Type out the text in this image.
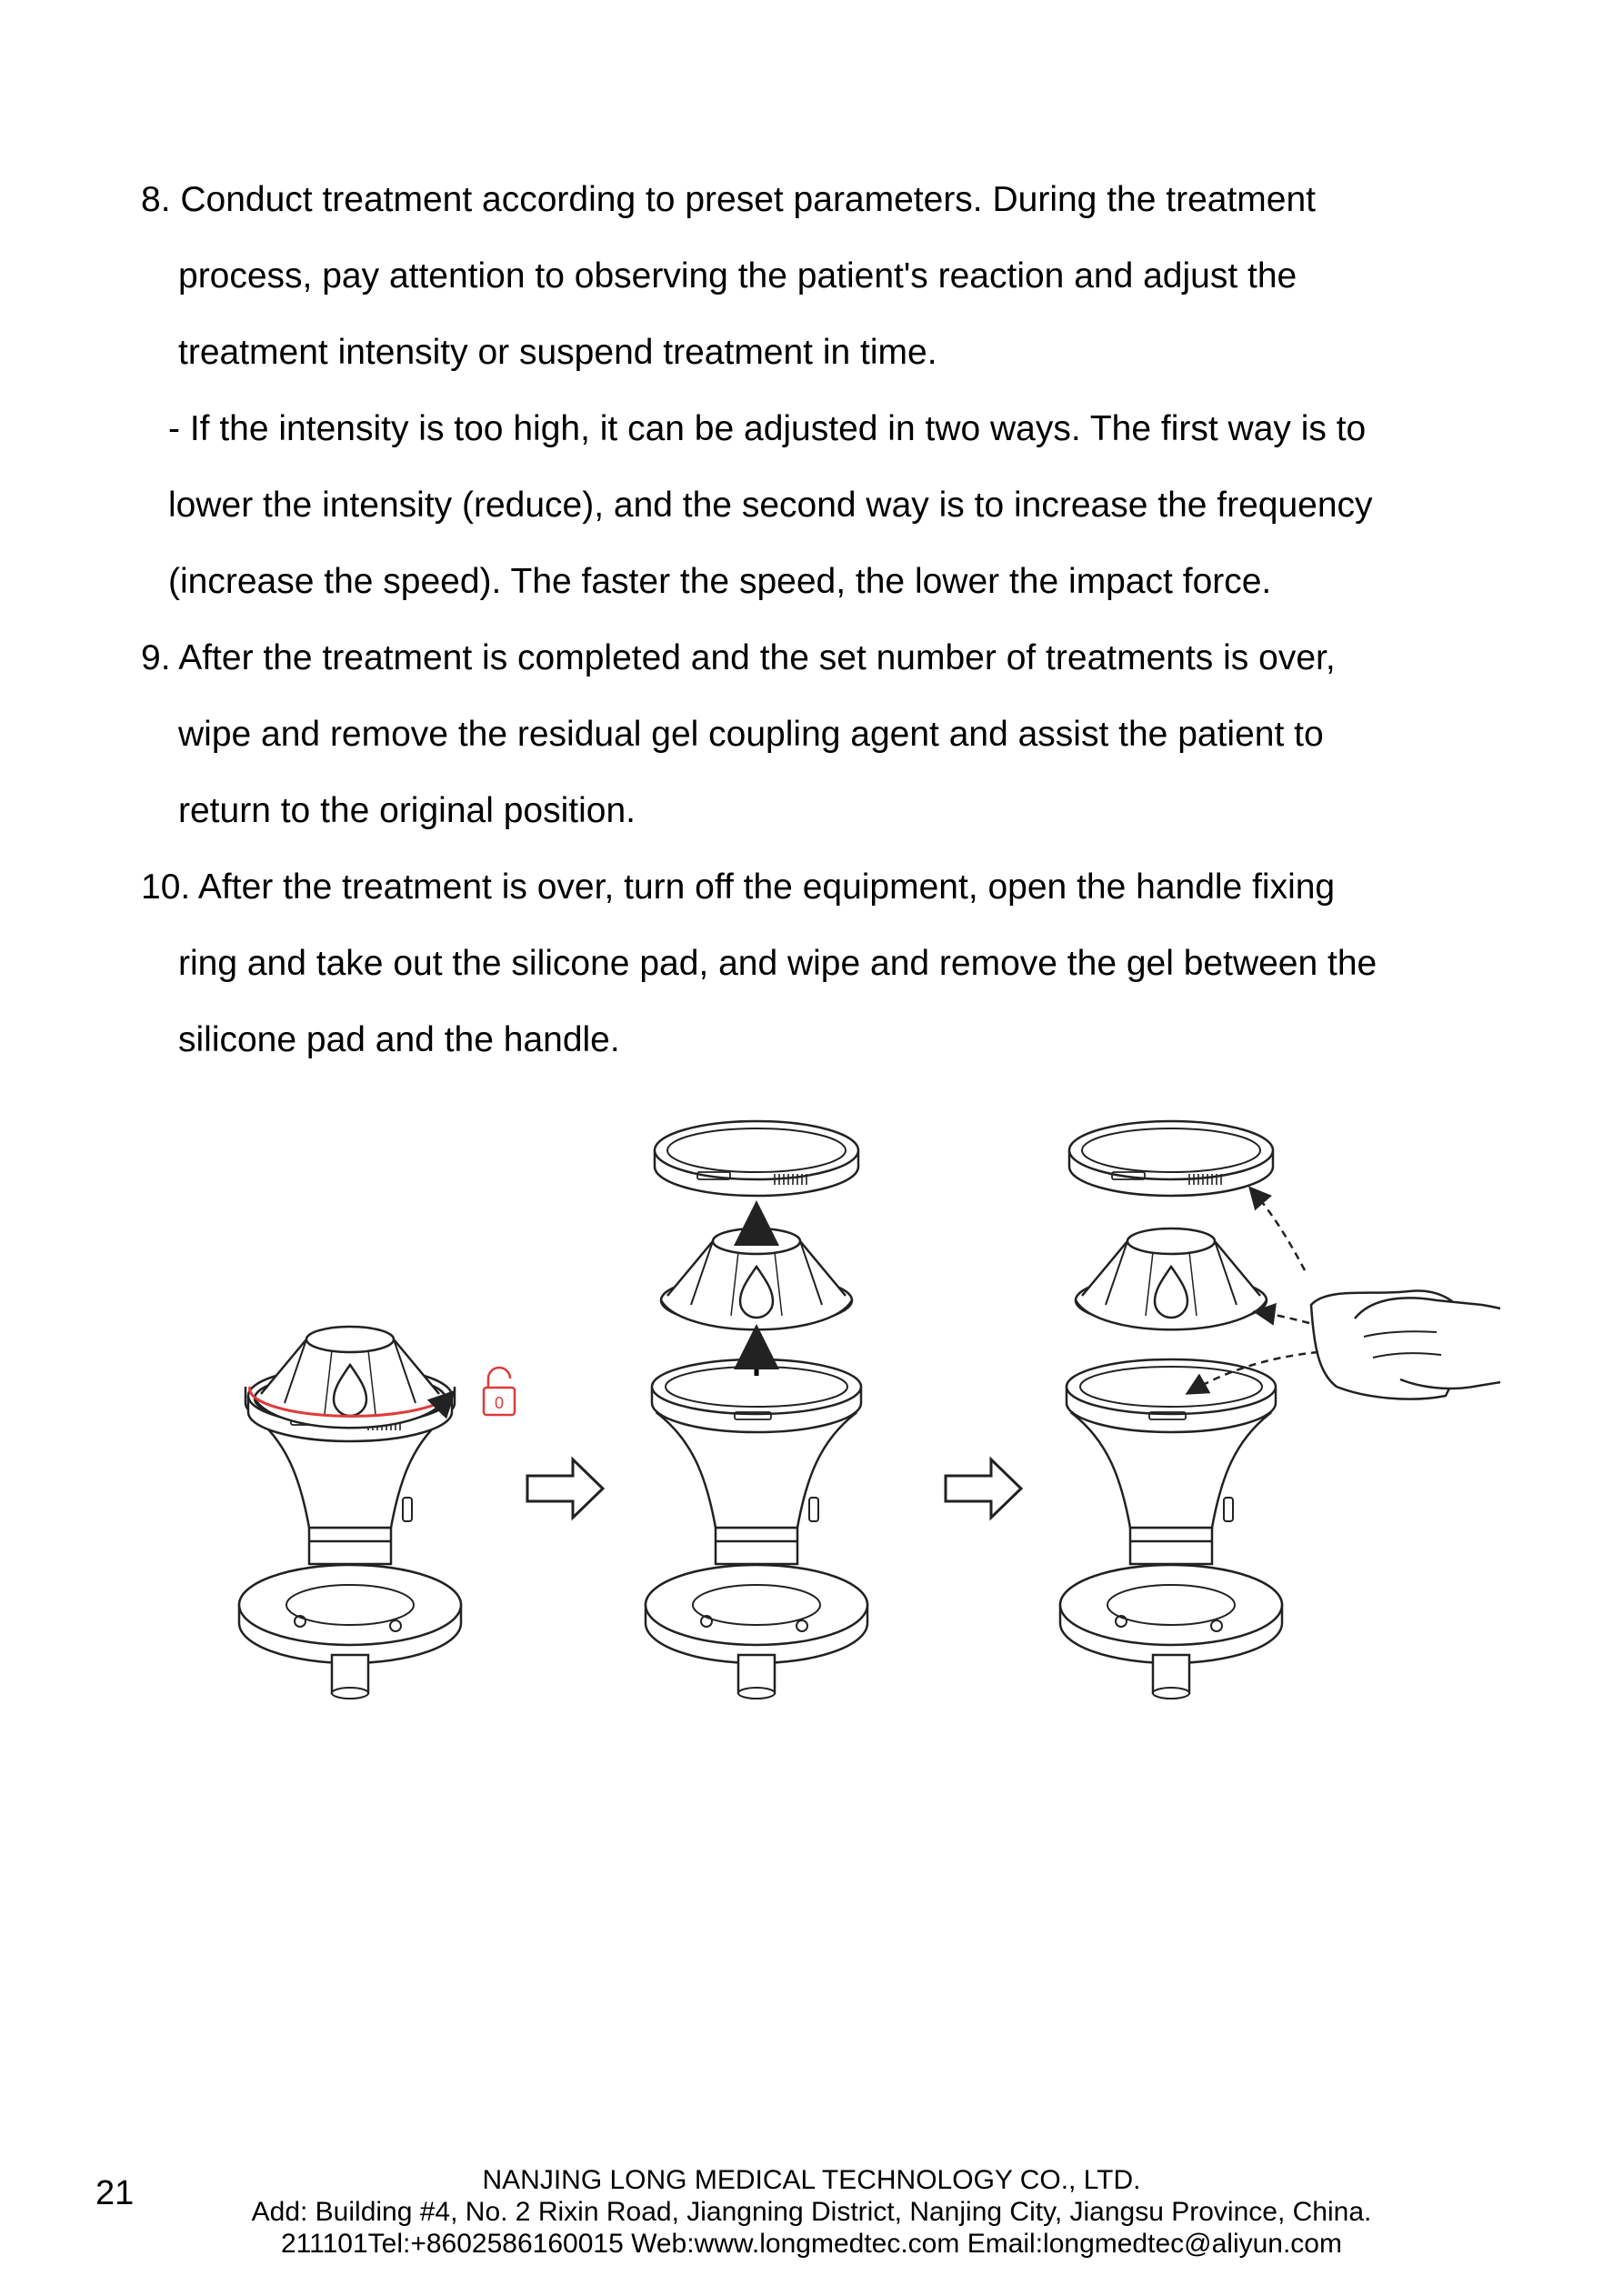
8. Conduct treatment according to preset parameters. During the treatment
process, pay attention to observing the patient's reaction and adjust the
treatment intensity or suspend treatment in time.
- If the intensity is too high, it can be adjusted in two ways. The first way is to
lower the intensity (reduce), and the second way is to increase the frequency
(increase the speed). The faster the speed, the lower the impact force.
9. After the treatment is completed and the set number of treatments is over,
wipe and remove the residual gel coupling agent and assist the patient to
return to the original position.
10. After the treatment is over, turn off the equipment, open the handle fixing
ring and take out the silicone pad, and wipe and remove the gel between the
silicone pad and the handle.
0
21	NANJING LONG MEDICAL TECHNOLOGY CO., LTD.
Add: Building #4, No. 2 Rixin Road, Jiangning District, Nanjing City, Jiangsu Province, China.
211101Tel:+8602586160015 Web:www.longmedtec.com Email:longmedtec@aliyun.com
